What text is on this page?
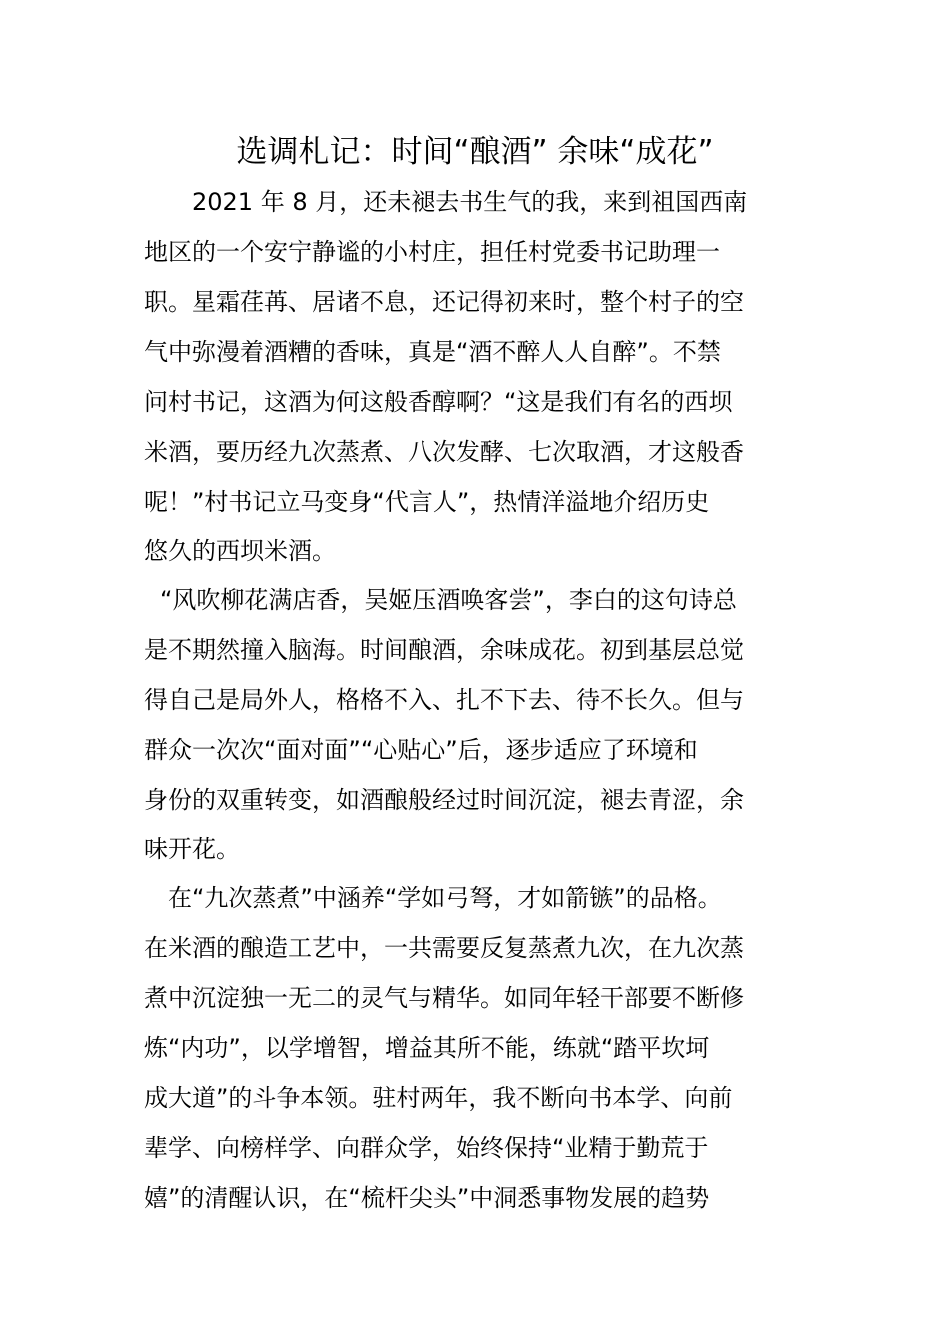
选调札记：时间“酿酒” 余味“成花”
　　2021 年 8 月，还未褪去书生气的我，来到祖国西南
地区的一个安宁静谧的小村庄，担任村党委书记助理一
职。星霜荏苒、居诸不息，还记得初来时，整个村子的空
气中弥漫着酒糟的香味，真是“酒不醉人人自醉”。不禁
问村书记，这酒为何这般香醇啊？“这是我们有名的西坝
米酒，要历经九次蒸煮、八次发酵、七次取酒，才这般香
呢！”村书记立马变身“代言人”，热情洋溢地介绍历史
悠久的西坝米酒。
“风吹柳花满店香，吴姬压酒唤客尝”，李白的这句诗总
是不期然撞入脑海。时间酿酒，余味成花。初到基层总觉
得自己是局外人，格格不入、扎不下去、待不长久。但与
群众一次次“面对面”“心贴心”后，逐步适应了环境和
身份的双重转变，如酒酿般经过时间沉淀，褪去青涩，余
味开花。
在“九次蒸煮”中涵养“学如弓弩，才如箭镞”的品格。
在米酒的酿造工艺中，一共需要反复蒸煮九次，在九次蒸
煮中沉淀独一无二的灵气与精华。如同年轻干部要不断修
炼“内功”，以学增智，增益其所不能，练就“踏平坎坷
成大道”的斗争本领。驻村两年，我不断向书本学、向前
辈学、向榜样学、向群众学，始终保持“业精于勤荒于
嬉”的清醒认识，在“梳杆尖头”中洞悉事物发展的趋势
